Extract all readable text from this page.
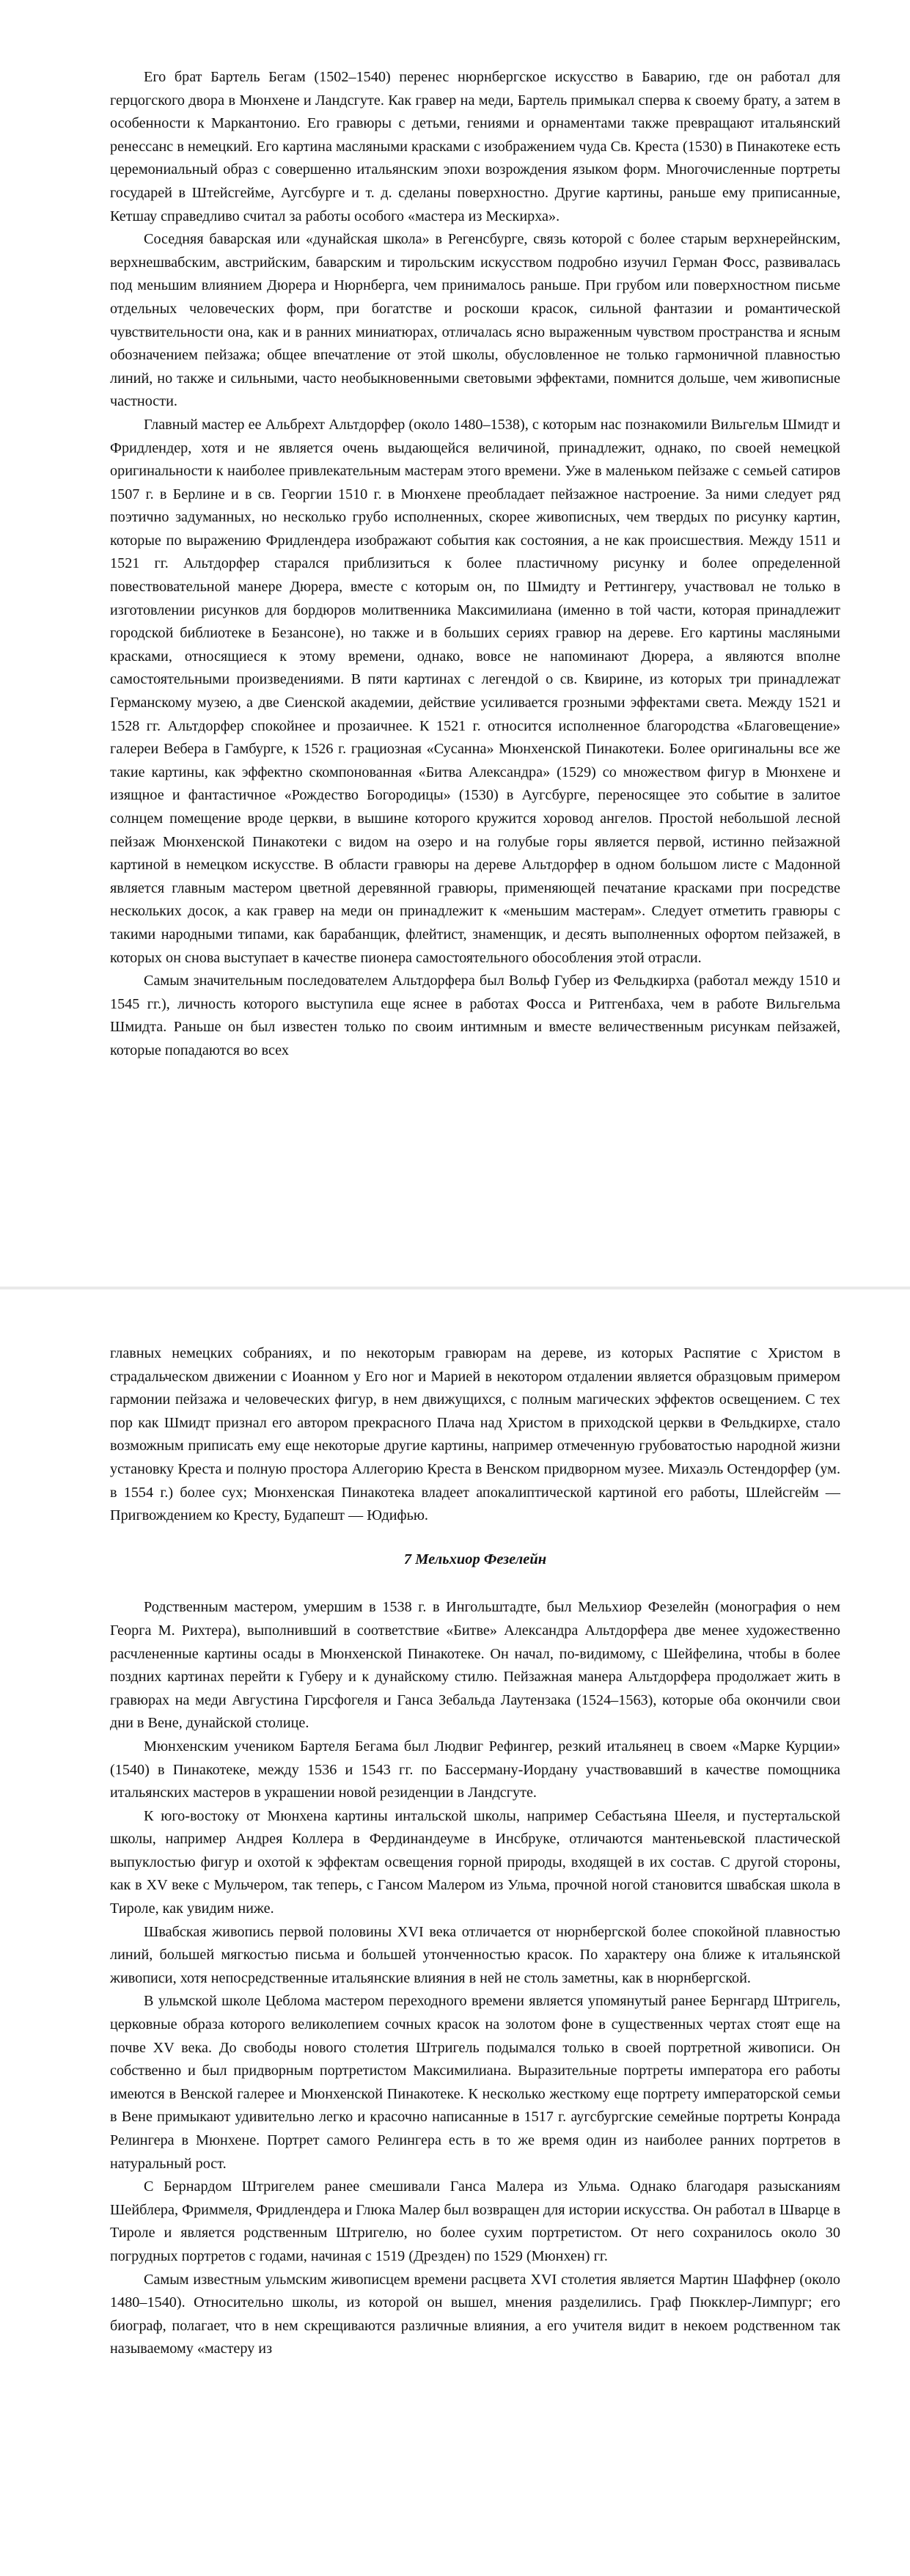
Его брат Бартель Бегам (1502–1540) перенес нюрнбергское искусство в Баварию, где он работал для герцогского двора в Мюнхене и Ландсгуте. Как гравер на меди, Бартель примыкал сперва к своему брату, а затем в особенности к Маркантонио. Его гравюры с детьми, гениями и орнаментами также превращают итальянский ренессанс в немецкий. Его картина масляными красками с изображением чуда Св. Креста (1530) в Пинакотеке есть церемониальный образ с совершенно итальянским эпохи возрождения языком форм. Многочисленные портреты государей в Штейсгейме, Аугсбурге и т. д. сделаны поверхностно. Другие картины, раньше ему приписанные, Кетшау справедливо считал за работы особого «мастера из Мескирха».

Соседняя баварская или «дунайская школа» в Регенсбурге, связь которой с более старым верхнерейнским, верхнешвабским, австрийским, баварским и тирольским искусством подробно изучил Герман Фосс, развивалась под меньшим влиянием Дюрера и Нюрнберга, чем принималось раньше. При грубом или поверхностном письме отдельных человеческих форм, при богатстве и роскоши красок, сильной фантазии и романтической чувствительности она, как и в ранних миниатюрах, отличалась ясно выраженным чувством пространства и ясным обозначением пейзажа; общее впечатление от этой школы, обусловленное не только гармоничной плавностью линий, но также и сильными, часто необыкновенными световыми эффектами, помнится дольше, чем живописные частности.

Главный мастер ее Альбрехт Альтдорфер (около 1480–1538), с которым нас познакомили Вильгельм Шмидт и Фридлендер, хотя и не является очень выдающейся величиной, принадлежит, однако, по своей немецкой оригинальности к наиболее привлекательным мастерам этого времени. Уже в маленьком пейзаже с семьей сатиров 1507 г. в Берлине и в св. Георгии 1510 г. в Мюнхене преобладает пейзажное настроение. За ними следует ряд поэтично задуманных, но несколько грубо исполненных, скорее живописных, чем твердых по рисунку картин, которые по выражению Фридлендера изображают события как состояния, а не как происшествия. Между 1511 и 1521 гг. Альтдорфер старался приблизиться к более пластичному рисунку и более определенной повествовательной манере Дюрера, вместе с которым он, по Шмидту и Реттингеру, участвовал не только в изготовлении рисунков для бордюров молитвенника Максимилиана (именно в той части, которая принадлежит городской библиотеке в Безансоне), но также и в больших сериях гравюр на дереве. Его картины масляными красками, относящиеся к этому времени, однако, вовсе не напоминают Дюрера, а являются вполне самостоятельными произведениями. В пяти картинах с легендой о св. Квирине, из которых три принадлежат Германскому музею, а две Сиенской академии, действие усиливается грозными эффектами света. Между 1521 и 1528 гг. Альтдорфер спокойнее и прозаичнее. К 1521 г. относится исполненное благородства «Благовещение» галереи Вебера в Гамбурге, к 1526 г. грациозная «Сусанна» Мюнхенской Пинакотеки. Более оригинальны все же такие картины, как эффектно скомпонованная «Битва Александра» (1529) со множеством фигур в Мюнхене и изящное и фантастичное «Рождество Богородицы» (1530) в Аугсбурге, переносящее это событие в залитое солнцем помещение вроде церкви, в вышине которого кружится хоровод ангелов. Простой небольшой лесной пейзаж Мюнхенской Пинакотеки с видом на озеро и на голубые горы является первой, истинно пейзажной картиной в немецком искусстве. В области гравюры на дереве Альтдорфер в одном большом листе с Мадонной является главным мастером цветной деревянной гравюры, применяющей печатание красками при посредстве нескольких досок, а как гравер на меди он принадлежит к «меньшим мастерам». Следует отметить гравюры с такими народными типами, как барабанщик, флейтист, знаменщик, и десять выполненных офортом пейзажей, в которых он снова выступает в качестве пионера самостоятельного обособления этой отрасли.

Самым значительным последователем Альтдорфера был Вольф Губер из Фельдкирха (работал между 1510 и 1545 гг.), личность которого выступила еще яснее в работах Фосса и Ритгенбаха, чем в работе Вильгельма Шмидта. Раньше он был известен только по своим интимным и вместе величественным рисункам пейзажей, которые попадаются во всех

главных немецких собраниях, и по некоторым гравюрам на дереве, из которых Распятие с Христом в страдальческом движении с Иоанном у Его ног и Марией в некотором отдалении является образцовым примером гармонии пейзажа и человеческих фигур, в нем движущихся, с полным магических эффектов освещением. С тех пор как Шмидт признал его автором прекрасного Плача над Христом в приходской церкви в Фельдкирхе, стало возможным приписать ему еще некоторые другие картины, например отмеченную грубоватостью народной жизни установку Креста и полную простора Аллегорию Креста в Венском придворном музее. Михаэль Остендорфер (ум. в 1554 г.) более сух; Мюнхенская Пинакотека владеет апокалиптической картиной его работы, Шлейсгейм — Пригвождением ко Кресту, Будапешт — Юдифью.

7 Мельхиор Фезелейн

Родственным мастером, умершим в 1538 г. в Ингольштадте, был Мельхиор Фезелейн (монография о нем Георга М. Рихтера), выполнивший в соответствие «Битве» Александра Альтдорфера две менее художественно расчлененные картины осады в Мюнхенской Пинакотеке. Он начал, по-видимому, с Шейфелина, чтобы в более поздних картинах перейти к Губеру и к дунайскому стилю. Пейзажная манера Альтдорфера продолжает жить в гравюрах на меди Августина Гирсфогеля и Ганса Зебальда Лаутензака (1524–1563), которые оба окончили свои дни в Вене, дунайской столице.

Мюнхенским учеником Бартеля Бегама был Людвиг Рефингер, резкий итальянец в своем «Марке Курции» (1540) в Пинакотеке, между 1536 и 1543 гг. по Бассерману-Иордану участвовавший в качестве помощника итальянских мастеров в украшении новой резиденции в Ландсгуте.

К юго-востоку от Мюнхена картины интальской школы, например Себастьяна Шееля, и пустертальской школы, например Андрея Коллера в Фердинандеуме в Инсбруке, отличаются мантеньевской пластической выпуклостью фигур и охотой к эффектам освещения горной природы, входящей в их состав. С другой стороны, как в XV веке с Мульчером, так теперь, с Гансом Малером из Ульма, прочной ногой становится швабская школа в Тироле, как увидим ниже.

Швабская живопись первой половины XVI века отличается от нюрнбергской более спокойной плавностью линий, большей мягкостью письма и большей утонченностью красок. По характеру она ближе к итальянской живописи, хотя непосредственные итальянские влияния в ней не столь заметны, как в нюрнбергской.

В ульмской школе Цеблома мастером переходного времени является упомянутый ранее Бернгард Штригель, церковные образа которого великолепием сочных красок на золотом фоне в существенных чертах стоят еще на почве XV века. До свободы нового столетия Штригель подымался только в своей портретной живописи. Он собственно и был придворным портретистом Максимилиана. Выразительные портреты императора его работы имеются в Венской галерее и Мюнхенской Пинакотеке. К несколько жесткому еще портрету императорской семьи в Вене примыкают удивительно легко и красочно написанные в 1517 г. аугсбургские семейные портреты Конрада Релингера в Мюнхене. Портрет самого Релингера есть в то же время один из наиболее ранних портретов в натуральный рост.

С Бернардом Штригелем ранее смешивали Ганса Малера из Ульма. Однако благодаря разысканиям Шейблера, Фриммеля, Фридлендера и Глюка Малер был возвращен для истории искусства. Он работал в Шварце в Тироле и является родственным Штригелю, но более сухим портретистом. От него сохранилось около 30 погрудных портретов с годами, начиная с 1519 (Дрезден) по 1529 (Мюнхен) гг.

Самым известным ульмским живописцем времени расцвета XVI столетия является Мартин Шаффнер (около 1480–1540). Относительно школы, из которой он вышел, мнения разделились. Граф Пюкклер-Лимпург; его биограф, полагает, что в нем скрещиваются различные влияния, а его учителя видит в некоем родственном так называемому «мастеру из
